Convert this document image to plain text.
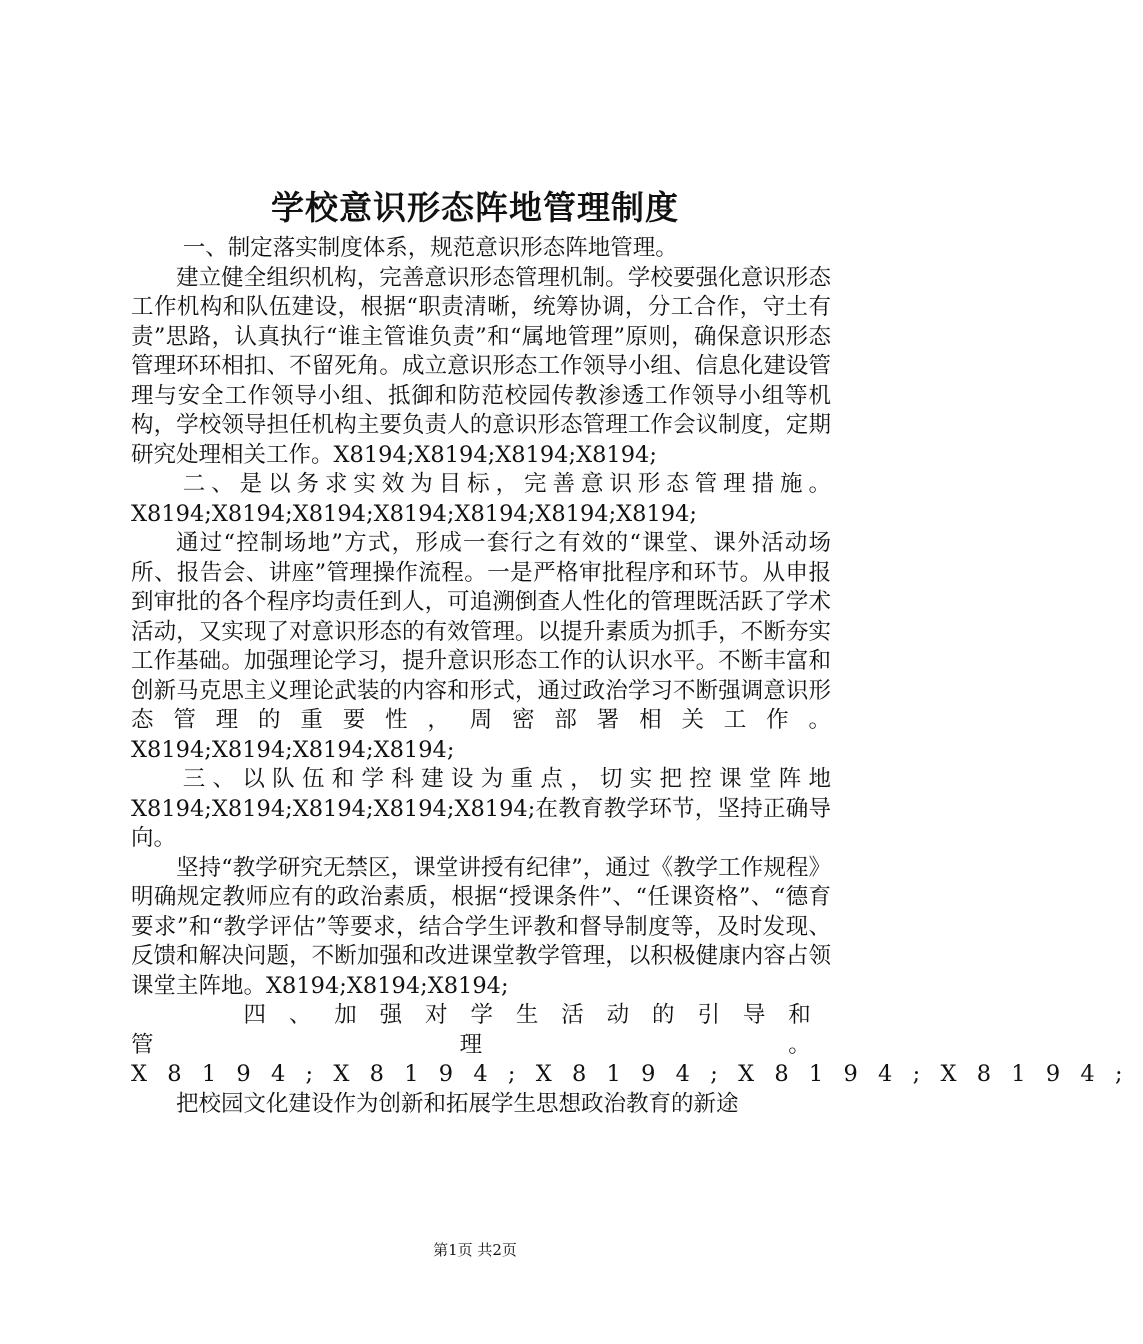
学校意识形态阵地管理制度

一、制定落实制度体系，规范意识形态阵地管理。

建立健全组织机构，完善意识形态管理机制。学校要强化意识形态工作机构和队伍建设，根据“职责清晰，统筹协调，分工合作，守土有责”思路，认真执行“谁主管谁负责”和“属地管理”原则，确保意识形态管理环环相扣、不留死角。成立意识形态工作领导小组、信息化建设管理与安全工作领导小组、抵御和防范校园传教渗透工作领导小组等机构，学校领导担任机构主要负责人的意识形态管理工作会议制度，定期研究处理相关工作。X8194;X8194;X8194;X8194;

二、是以务求实效为目标，完善意识形态管理措施。X8194;X8194;X8194;X8194;X8194;X8194;X8194;

通过“控制场地”方式，形成一套行之有效的“课堂、课外活动场所、报告会、讲座”管理操作流程。一是严格审批程序和环节。从申报到审批的各个程序均责任到人，可追溯倒查人性化的管理既活跃了学术活动，又实现了对意识形态的有效管理。以提升素质为抓手，不断夯实工作基础。加强理论学习，提升意识形态工作的认识水平。不断丰富和创新马克思主义理论武装的内容和形式，通过政治学习不断强调意识形态管理的重要性，周密部署相关工作。X8194;X8194;X8194;X8194;

三、以队伍和学科建设为重点，切实把控课堂阵地X8194;X8194;X8194;X8194;X8194;在教育教学环节，坚持正确导向。

坚持“教学研究无禁区，课堂讲授有纪律”，通过《教学工作规程》明确规定教师应有的政治素质，根据“授课条件”、“任课资格”、“德育要求”和“教学评估”等要求，结合学生评教和督导制度等，及时发现、反馈和解决问题，不断加强和改进课堂教学管理，以积极健康内容占领课堂主阵地。X8194;X8194;X8194;

四、加强对学生活动的引导和管理。X8194;X8194;X8194;X8194;X8194;

把校园文化建设作为创新和拓展学生思想政治教育的新途

第1页 共2页
